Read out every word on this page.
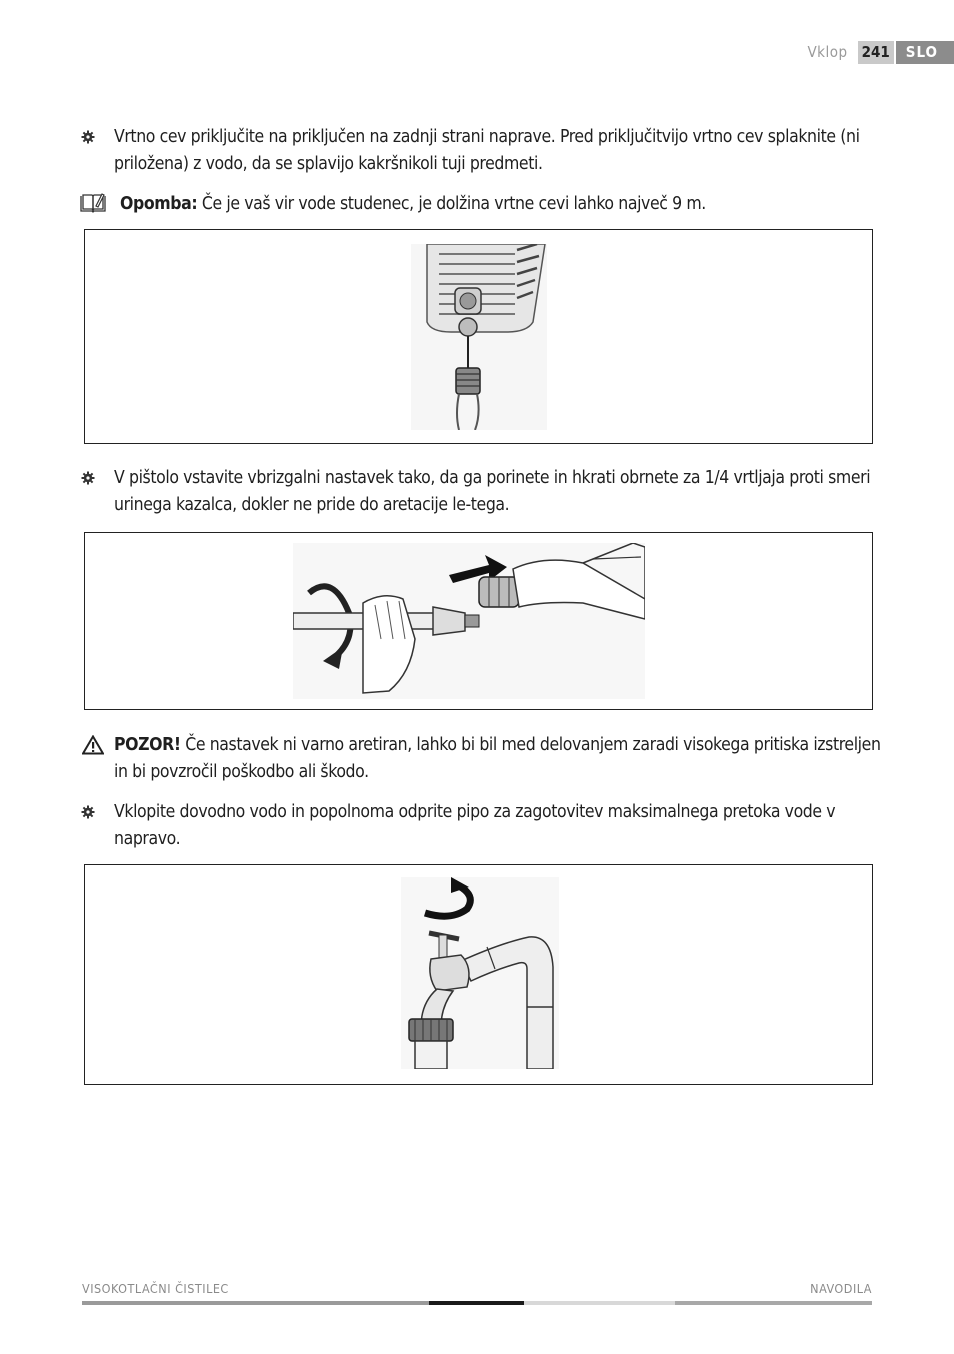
Vklop 241	SLO
Vrtno cev priključite na priključen na zadnji strani naprave. Pred priključitvijo vrtno cev splaknite (ni priložena) z vodo, da se splavijo kakršnikoli tuji predmeti.
Opomba: Če je vaš vir vode studenec, je dolžina vrtne cevi lahko največ 9 m.
V pištolo vstavite vbrizgalni nastavek tako, da ga porinete in hkrati obrnete za 1/4 vrtljaja proti smeri urinega kazalca, dokler ne pride do aretacije le-tega.
POZOR! Če nastavek ni varno aretiran, lahko bi bil med delovanjem zaradi visokega pritiska izstreljen in bi povzročil poškodbo ali škodo.
Vklopite dovodno vodo in popolnoma odprite pipo za zagotovitev maksimalnega pretoka vode v napravo.
VISOKOTLAČNI ČISTILEC	NAVODILA
